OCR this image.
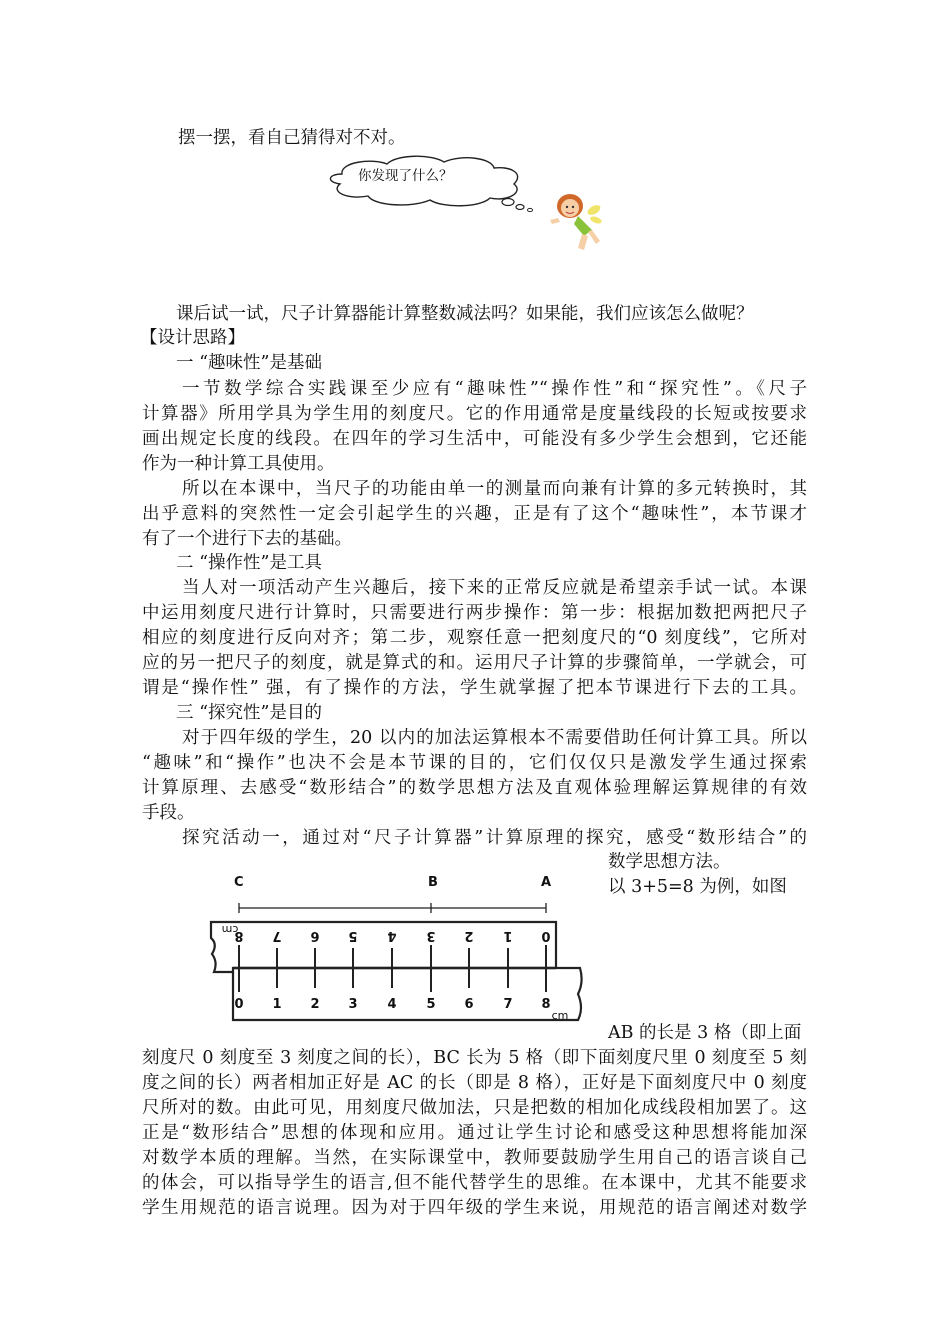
摆一摆，看自己猜得对不对。
你发现了什么？
课后试一试，尺子计算器能计算整数减法吗？如果能，我们应该怎么做呢？
【设计思路】
一 “趣味性”是基础
一节数学综合实践课至少应有“趣味性”“操作性”和“探究性”。《尺子
计算器》所用学具为学生用的刻度尺。它的作用通常是度量线段的长短或按要求
画出规定长度的线段。在四年的学习生活中，可能没有多少学生会想到，它还能
作为一种计算工具使用。
所以在本课中，当尺子的功能由单一的测量而向兼有计算的多元转换时，其
出乎意料的突然性一定会引起学生的兴趣，正是有了这个“趣味性”，本节课才
有了一个进行下去的基础。
二 “操作性”是工具
当人对一项活动产生兴趣后，接下来的正常反应就是希望亲手试一试。本课
中运用刻度尺进行计算时，只需要进行两步操作：第一步：根据加数把两把尺子
相应的刻度进行反向对齐；第二步，观察任意一把刻度尺的“0 刻度线”，它所对
应的另一把尺子的刻度，就是算式的和。运用尺子计算的步骤简单，一学就会，可
谓是“操作性” 强，有了操作的方法，学生就掌握了把本节课进行下去的工具。
三 “探究性”是目的
对于四年级的学生，20 以内的加法运算根本不需要借助任何计算工具。所以
“趣味”和“操作”也决不会是本节课的目的，它们仅仅只是激发学生通过探索
计算原理、去感受“数形结合”的数学思想方法及直观体验理解运算规律的有效
手段。
探究活动一，通过对“尺子计算器”计算原理的探究，感受“数形结合”的
数学思想方法。
以 3+5=8 为例，如图
C	B	A
8 7 6 5 4 3 2 1 0
cm
0 1 2 3 4 5 6 7 8
cm
AB 的长是 3 格（即上面
刻度尺 0 刻度至 3 刻度之间的长），BC 长为 5 格（即下面刻度尺里 0 刻度至 5 刻
度之间的长）两者相加正好是 AC 的长（即是 8 格），正好是下面刻度尺中 0 刻度
尺所对的数。由此可见，用刻度尺做加法，只是把数的相加化成线段相加罢了。这
正是“数形结合”思想的体现和应用。通过让学生讨论和感受这种思想将能加深
对数学本质的理解。当然，在实际课堂中，教师要鼓励学生用自己的语言谈自己
的体会，可以指导学生的语言,但不能代替学生的思维。在本课中，尤其不能要求
学生用规范的语言说理。因为对于四年级的学生来说，用规范的语言阐述对数学
